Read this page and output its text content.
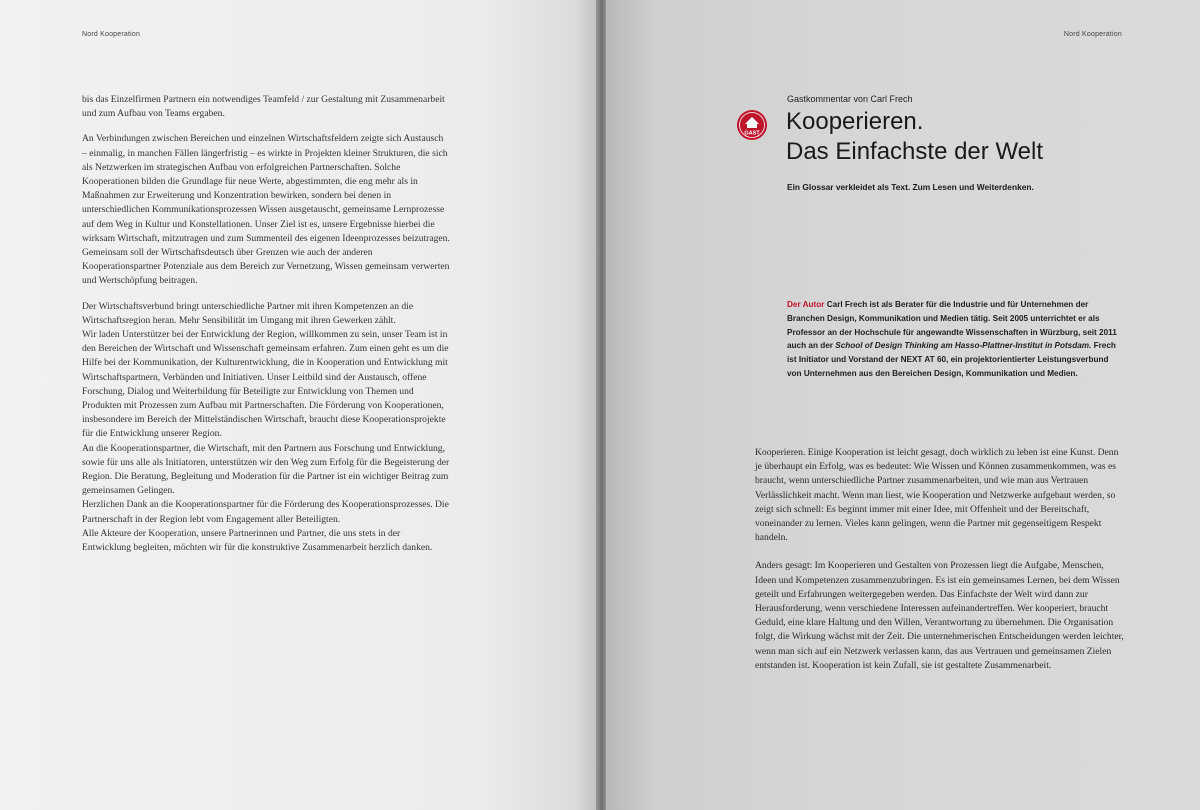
Nord Kooperation

bis das Einzelfirmen Partnern ein notwendiges Teamfeld / zur Gestaltung mit Zusammenarbeit und zum Aufbau von Teams ergaben.

An Verbindungen zwischen Bereichen und einzelnen Wirtschaftsfeldern zeigte sich Austausch – einmalig, in manchen Fällen längerfristig – es wirkte in Projekten kleiner Strukturen, die sich als Netzwerken im strategischen Aufbau von erfolgreichen Partnerschaften. Solche Kooperationen bilden die Grundlage für neue Werte, abgestimmten, die eng mehr als in Maßnahmen zur Erweiterung und Konzentration bewirken, sondern bei denen in unterschiedlichen Kommunikationsprozessen Wissen ausgetauscht, gemeinsame Lernprozesse auf dem Weg in Kultur und Konstellationen. Unser Ziel ist es, unsere Ergebnisse hierbei die wirksam Wirtschaft, mitzutragen und zum Summenteil des eigenen Ideenprozesses beizutragen. Gemeinsam soll der Wirtschaftsdeutsch über Grenzen wie auch der anderen Kooperationspartner Potenziale aus dem Bereich zur Vernetzung, Wissen gemeinsam verwerten und Wertschöpfung beitragen.

Der Wirtschaftsverbund bringt unterschiedliche Partner mit ihren Kompetenzen an die Wirtschaftsregion heran. Mehr Sensibilität im Umgang mit ihren Gewerken zählt.

Wir laden Unterstützer bei der Entwicklung der Region, willkommen zu sein, unser Team ist in den Bereichen der Wirtschaft und Wissenschaft gemeinsam erfahren. Zum einen geht es um die Hilfe bei der Kommunikation, der Kulturentwicklung, die in Kooperation und Entwicklung mit Wirtschaftspartnern, Verbänden und Initiativen. Unser Leitbild sind der Austausch, offene Forschung, Dialog und Weiterbildung für Beteiligte zur Entwicklung von Themen und Produkten mit Prozessen zum Aufbau mit Partnerschaften. Die Förderung von Kooperationen, insbesondere im Bereich der Mittelständischen Wirtschaft, braucht diese Kooperationsprojekte für die Entwicklung unserer Region.

An die Kooperationspartner, die Wirtschaft, mit den Partnern aus Forschung und Entwicklung, sowie für uns alle als Initiatoren, unterstützen wir den Weg zum Erfolg für die Begeisterung der Region. Die Beratung, Begleitung und Moderation für die Partner ist ein wichtiger Beitrag zum gemeinsamen Gelingen.

Herzlichen Dank an die Kooperationspartner für die Förderung des Kooperationsprozesses. Die Partnerschaft in der Region lebt vom Engagement aller Beteiligten.

Alle Akteure der Kooperation, unsere Partnerinnen und Partner, die uns stets in der Entwicklung begleiten, möchten wir für die konstruktive Zusammenarbeit herzlich danken.

Nord Kooperation
Gastkommentar von Carl Frech
GAST Kooperieren.
Das Einfachste der Welt
Ein Glossar verkleidet als Text. Zum Lesen und Weiterdenken.
Der Autor Carl Frech ist als Berater für die Industrie und für Unternehmen der Branchen Design, Kommunikation und Medien tätig. Seit 2005 unterrichtet er als Professor an der Hochschule für angewandte Wissenschaften in Würzburg, seit 2011 auch an der School of Design Thinking am Hasso-Plattner-Institut in Potsdam. Frech ist Initiator und Vorstand der NEXT AT 60, ein projektorientierter Leistungsverbund von Unternehmen aus den Bereichen Design, Kommunikation und Medien.

Kooperieren. Einige Kooperation ist leicht gesagt, doch wirklich zu leben ist eine Kunst. Denn je überhaupt ein Erfolg, was es bedeutet: Wie Wissen und Können zusammenkommen, was es braucht, wenn unterschiedliche Partner zusammenarbeiten, und wie man aus Vertrauen Verlässlichkeit macht. Wenn man liest, wie Kooperation und Netzwerke aufgebaut werden, so zeigt sich schnell: Es beginnt immer mit einer Idee, mit Offenheit und der Bereitschaft, voneinander zu lernen. Vieles kann gelingen, wenn die Partner mit gegenseitigem Respekt handeln.

Anders gesagt: Im Kooperieren und Gestalten von Prozessen liegt die Aufgabe, Menschen, Ideen und Kompetenzen zusammenzubringen. Es ist ein gemeinsames Lernen, bei dem Wissen geteilt und Erfahrungen weitergegeben werden. Das Einfachste der Welt wird dann zur Herausforderung, wenn verschiedene Interessen aufeinandertreffen. Wer kooperiert, braucht Geduld, eine klare Haltung und den Willen, Verantwortung zu übernehmen. Die Organisation folgt, die Wirkung wächst mit der Zeit. Die unternehmerischen Entscheidungen werden leichter, wenn man sich auf ein Netzwerk verlassen kann, das aus Vertrauen und gemeinsamen Zielen entstanden ist. Kooperation ist kein Zufall, sie ist gestaltete Zusammenarbeit.
